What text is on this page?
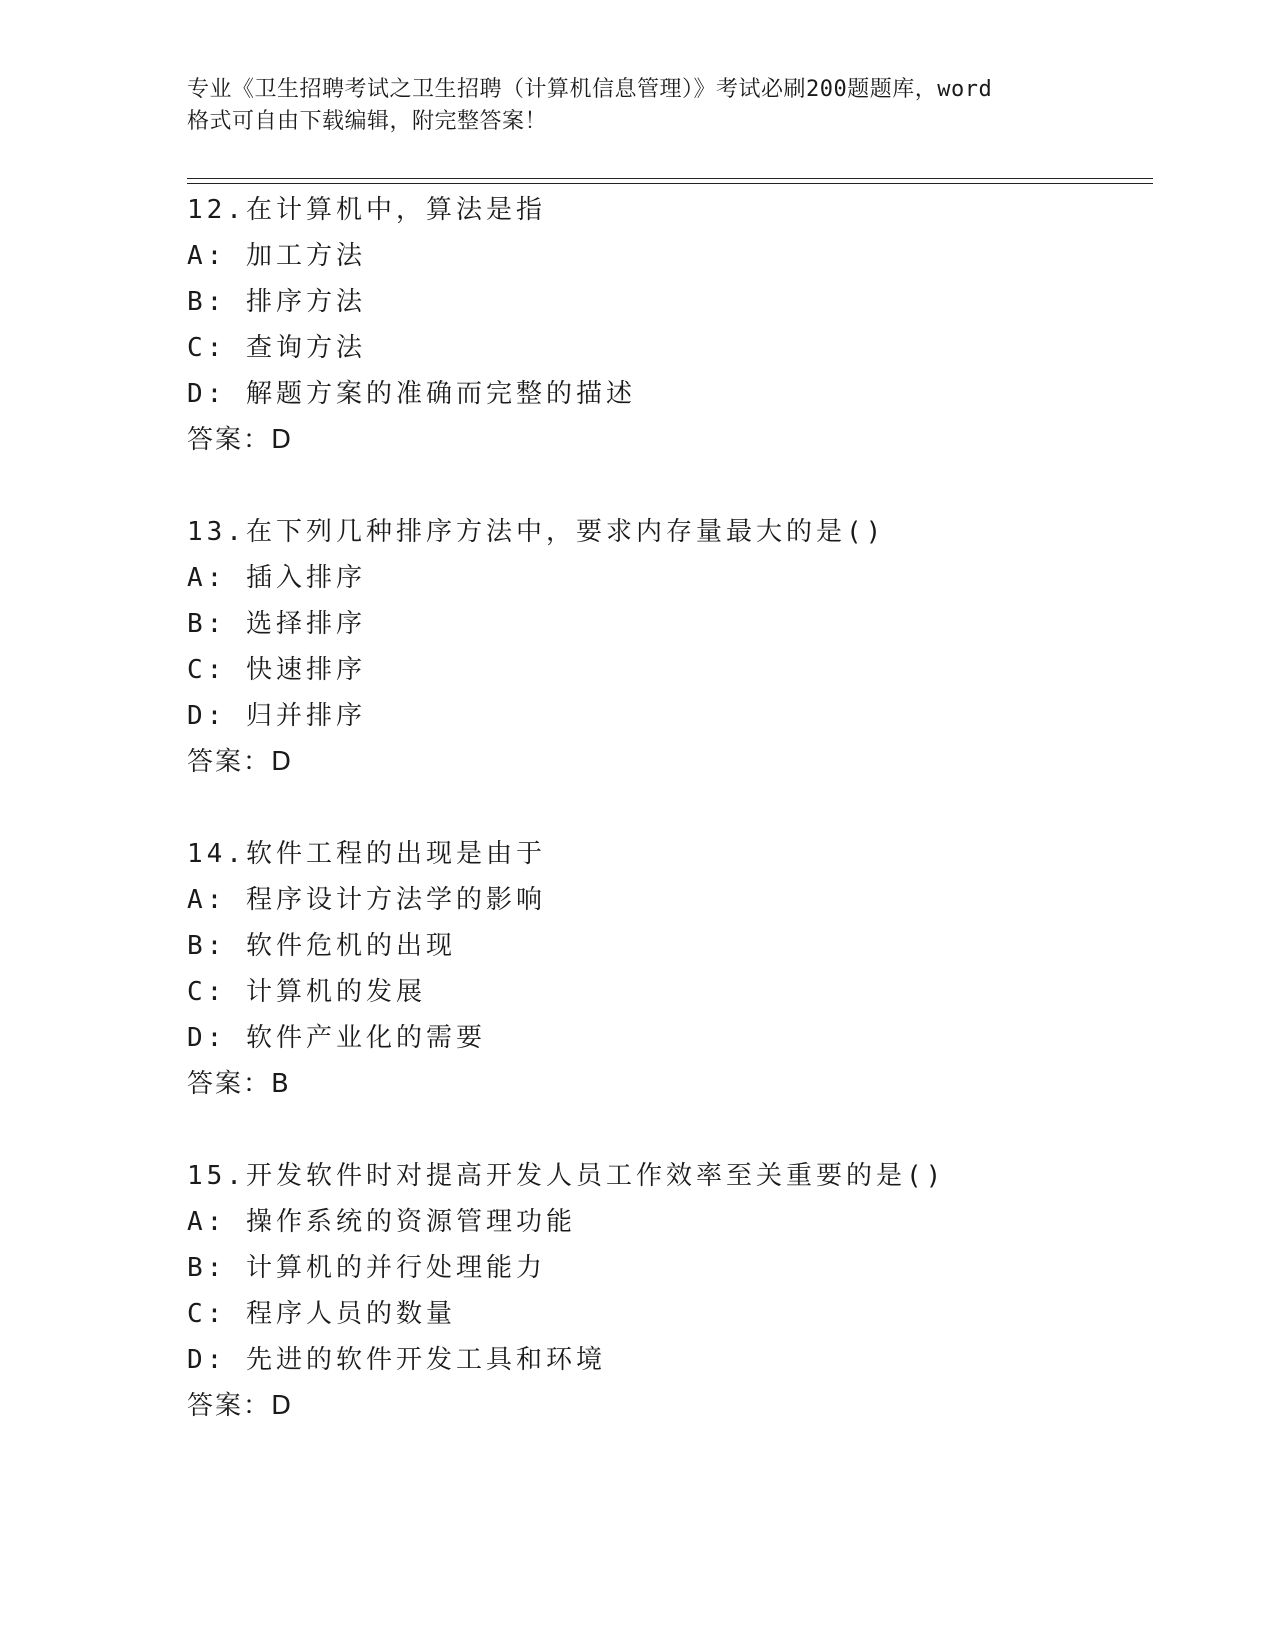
专业《卫生招聘考试之卫生招聘（计算机信息管理）》考试必刷200题题库，word
格式可自由下载编辑，附完整答案！
12.在计算机中，算法是指
A: 加工方法
B: 排序方法
C: 查询方法
D: 解题方案的准确而完整的描述
答案：D
13.在下列几种排序方法中，要求内存量最大的是()
A: 插入排序
B: 选择排序
C: 快速排序
D: 归并排序
答案：D
14.软件工程的出现是由于
A: 程序设计方法学的影响
B: 软件危机的出现
C: 计算机的发展
D: 软件产业化的需要
答案：B
15.开发软件时对提高开发人员工作效率至关重要的是()
A: 操作系统的资源管理功能
B: 计算机的并行处理能力
C: 程序人员的数量
D: 先进的软件开发工具和环境
答案：D
